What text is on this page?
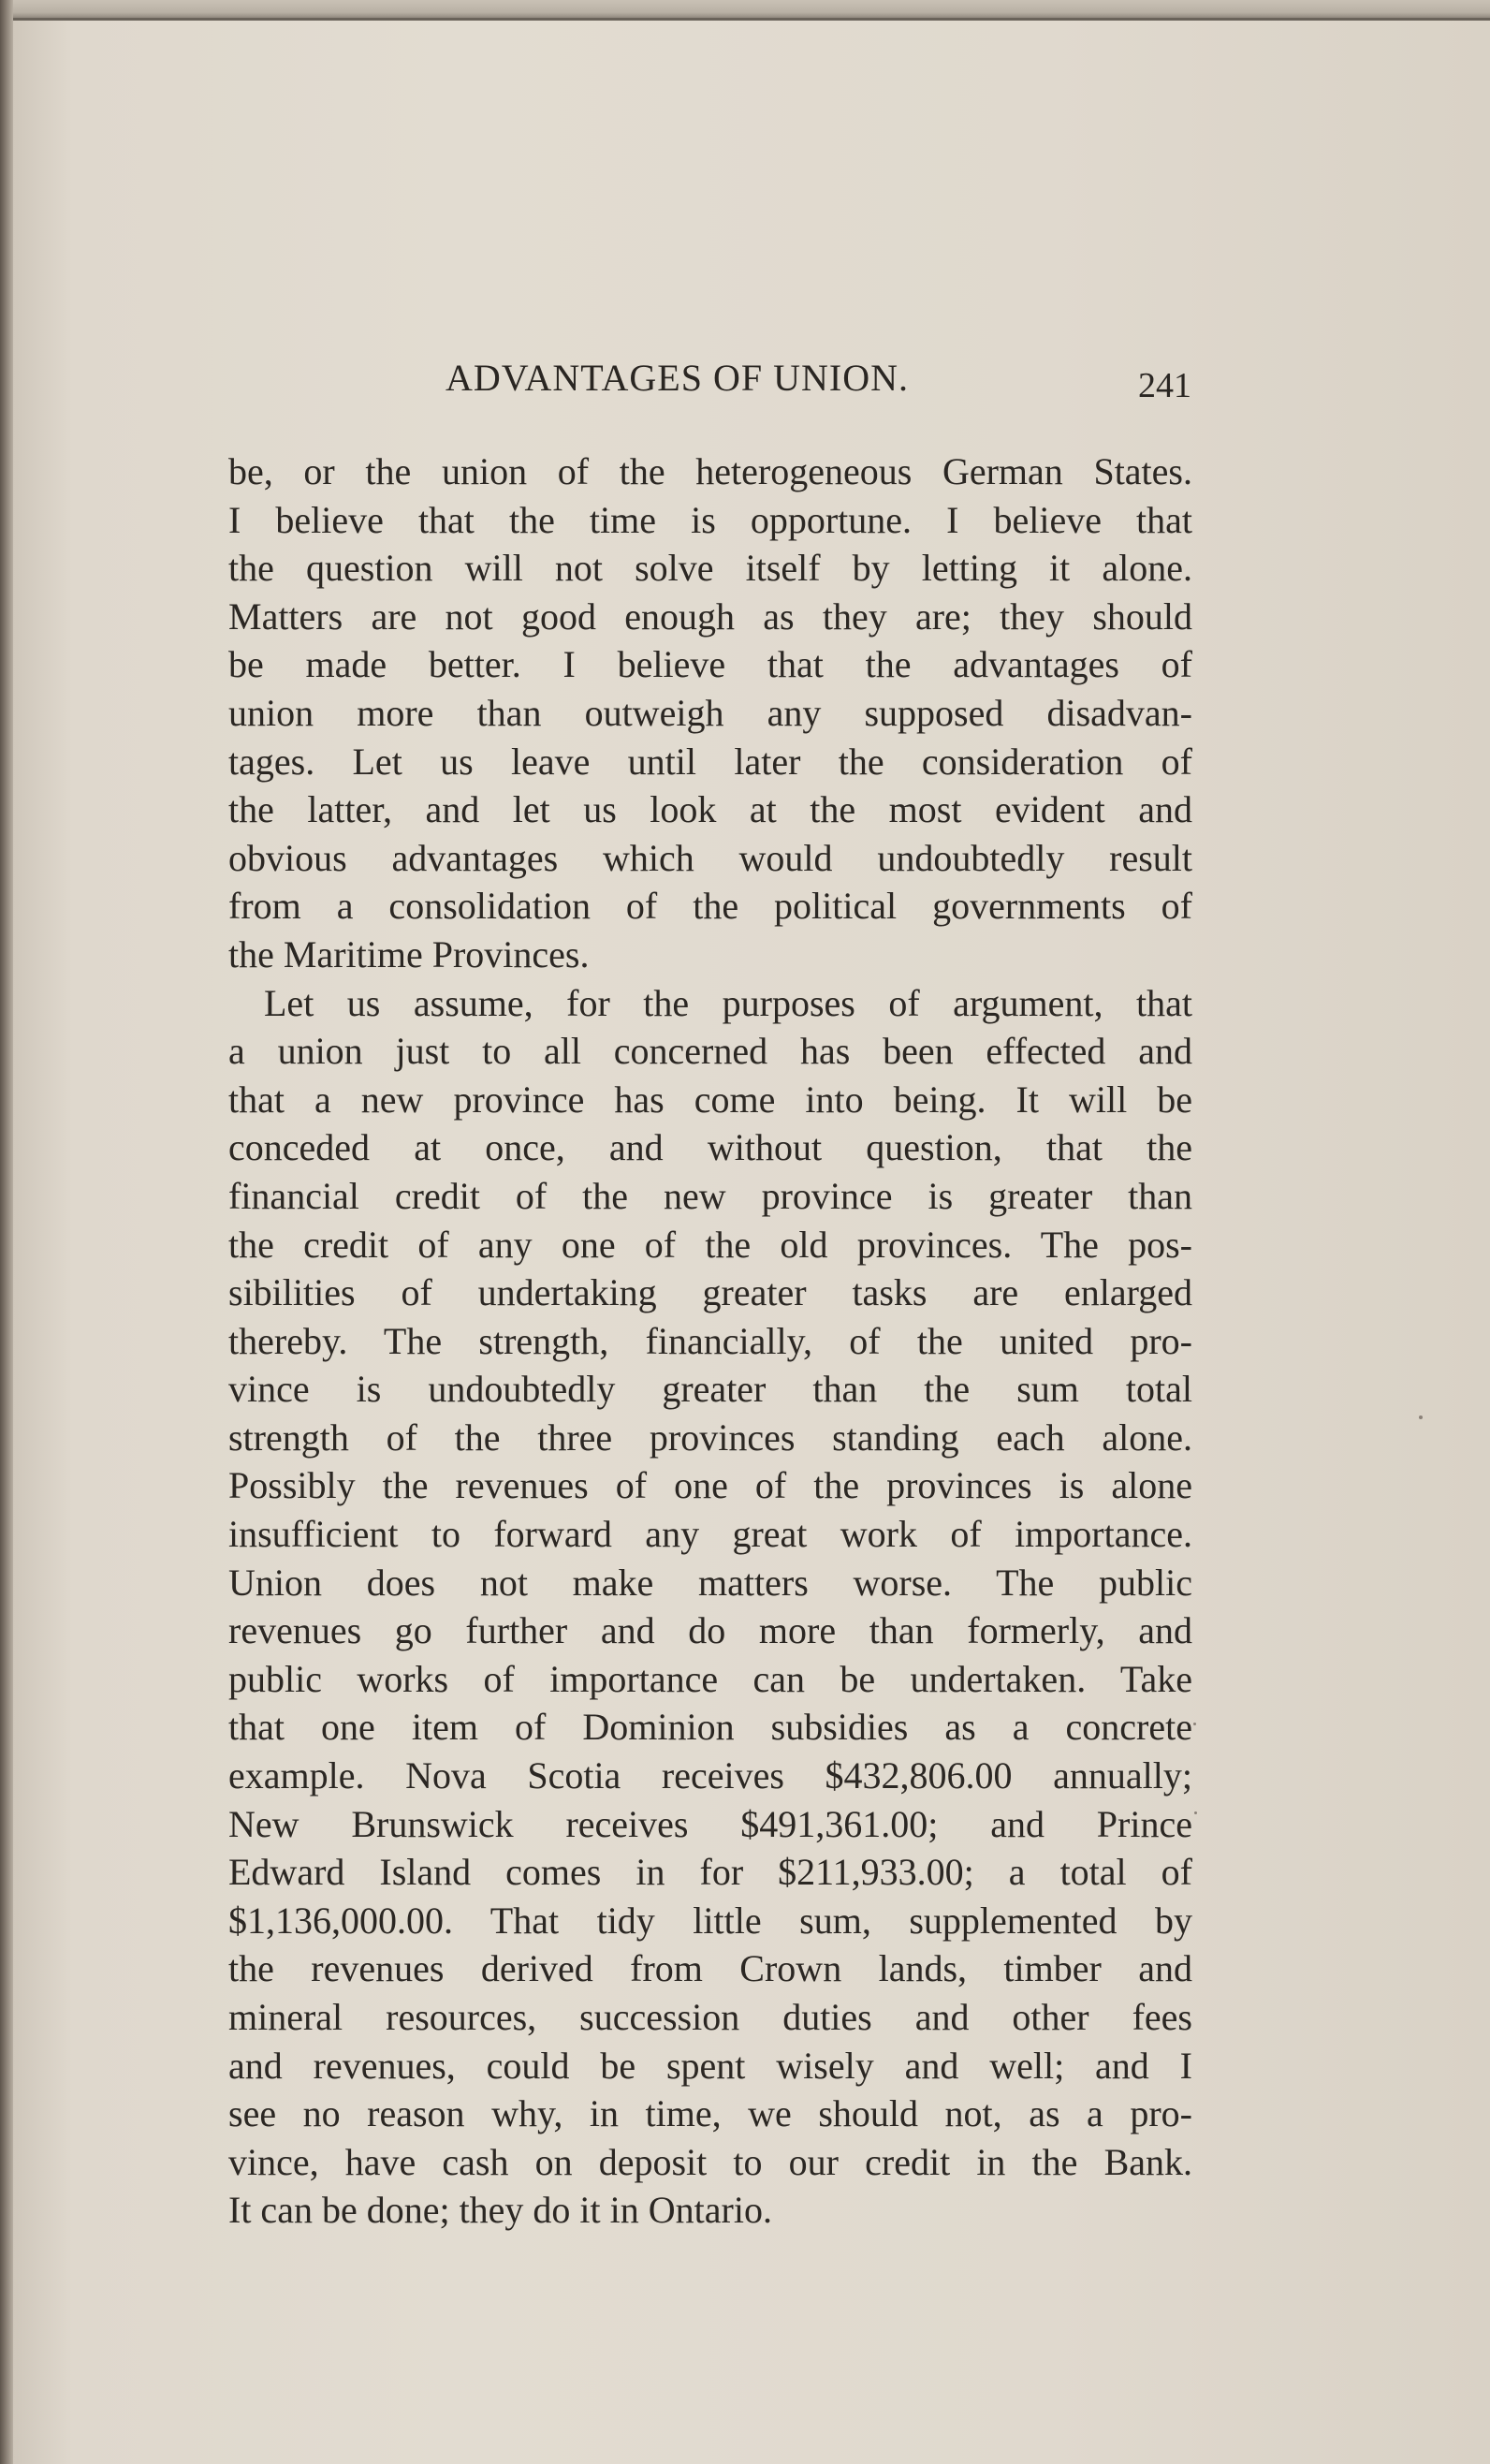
ADVANTAGES OF UNION.	241
be, or the union of the heterogeneous German States.
I believe that the time is opportune. I believe that
the question will not solve itself by letting it alone.
Matters are not good enough as they are; they should
be made better. I believe that the advantages of
union more than outweigh any supposed disadvan-
tages. Let us leave until later the consideration of
the latter, and let us look at the most evident and
obvious advantages which would undoubtedly result
from a consolidation of the political governments of
the Maritime Provinces.
Let us assume, for the purposes of argument, that
a union just to all concerned has been effected and
that a new province has come into being. It will be
conceded at once, and without question, that the
financial credit of the new province is greater than
the credit of any one of the old provinces. The pos-
sibilities of undertaking greater tasks are enlarged
thereby. The strength, financially, of the united pro-
vince is undoubtedly greater than the sum total
strength of the three provinces standing each alone.
Possibly the revenues of one of the provinces is alone
insufficient to forward any great work of importance.
Union does not make matters worse. The public
revenues go further and do more than formerly, and
public works of importance can be undertaken. Take
that one item of Dominion subsidies as a concrete
example. Nova Scotia receives $432,806.00 annually;
New Brunswick receives $491,361.00; and Prince
Edward Island comes in for $211,933.00; a total of
$1,136,000.00. That tidy little sum, supplemented by
the revenues derived from Crown lands, timber and
mineral resources, succession duties and other fees
and revenues, could be spent wisely and well; and I
see no reason why, in time, we should not, as a pro-
vince, have cash on deposit to our credit in the Bank.
It can be done; they do it in Ontario.
